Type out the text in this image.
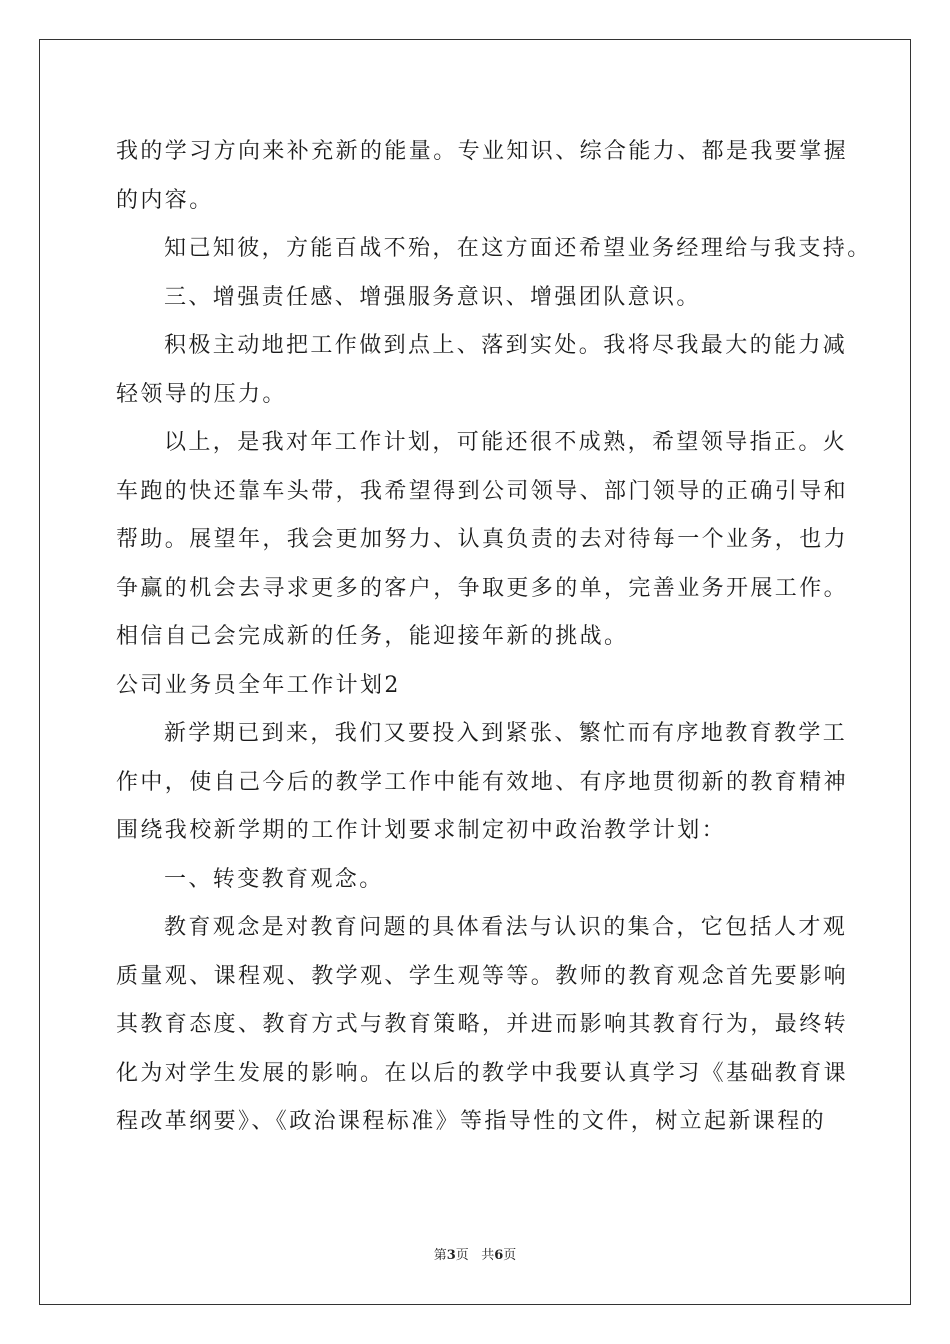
我的学习方向来补充新的能量。专业知识、综合能力、都是我要掌握
的内容。
知己知彼，方能百战不殆，在这方面还希望业务经理给与我支持。
三、增强责任感、增强服务意识、增强团队意识。
积极主动地把工作做到点上、落到实处。我将尽我最大的能力减
轻领导的压力。
以上，是我对年工作计划，可能还很不成熟，希望领导指正。火
车跑的快还靠车头带，我希望得到公司领导、部门领导的正确引导和
帮助。展望年，我会更加努力、认真负责的去对待每一个业务，也力
争赢的机会去寻求更多的客户，争取更多的单，完善业务开展工作。
相信自己会完成新的任务，能迎接年新的挑战。
公司业务员全年工作计划2
新学期已到来，我们又要投入到紧张、繁忙而有序地教育教学工
作中，使自己今后的教学工作中能有效地、有序地贯彻新的教育精神
围绕我校新学期的工作计划要求制定初中政治教学计划：
一、转变教育观念。
教育观念是对教育问题的具体看法与认识的集合，它包括人才观
质量观、课程观、教学观、学生观等等。教师的教育观念首先要影响
其教育态度、教育方式与教育策略，并进而影响其教育行为，最终转
化为对学生发展的影响。在以后的教学中我要认真学习《基础教育课
程改革纲要》、《政治课程标准》等指导性的文件，树立起新课程的
第3页 共6页
